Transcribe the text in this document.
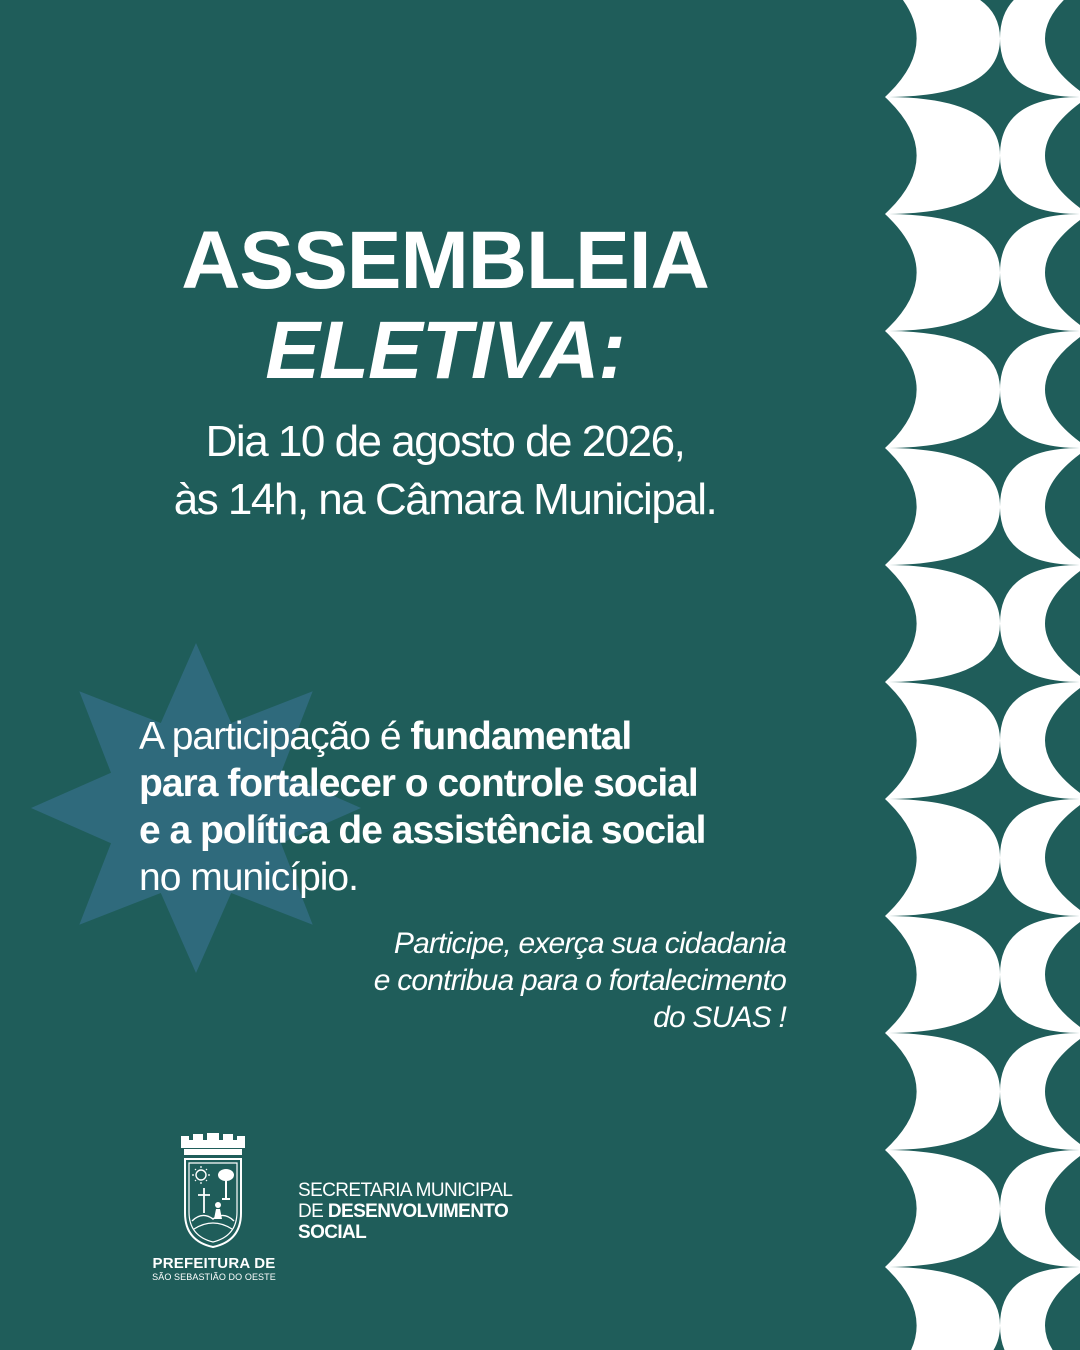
ASSEMBLEIA
ELETIVA:
Dia 10 de agosto de 2026,
às 14h, na Câmara Municipal.
A participação é fundamental
para fortalecer o controle social
e a política de assistência social
no município.
Participe, exerça sua cidadania
e contribua para o fortalecimento
do SUAS !
PREFEITURA DE
SÃO SEBASTIÃO DO OESTE
SECRETARIA MUNICIPAL
DE DESENVOLVIMENTO
SOCIAL
